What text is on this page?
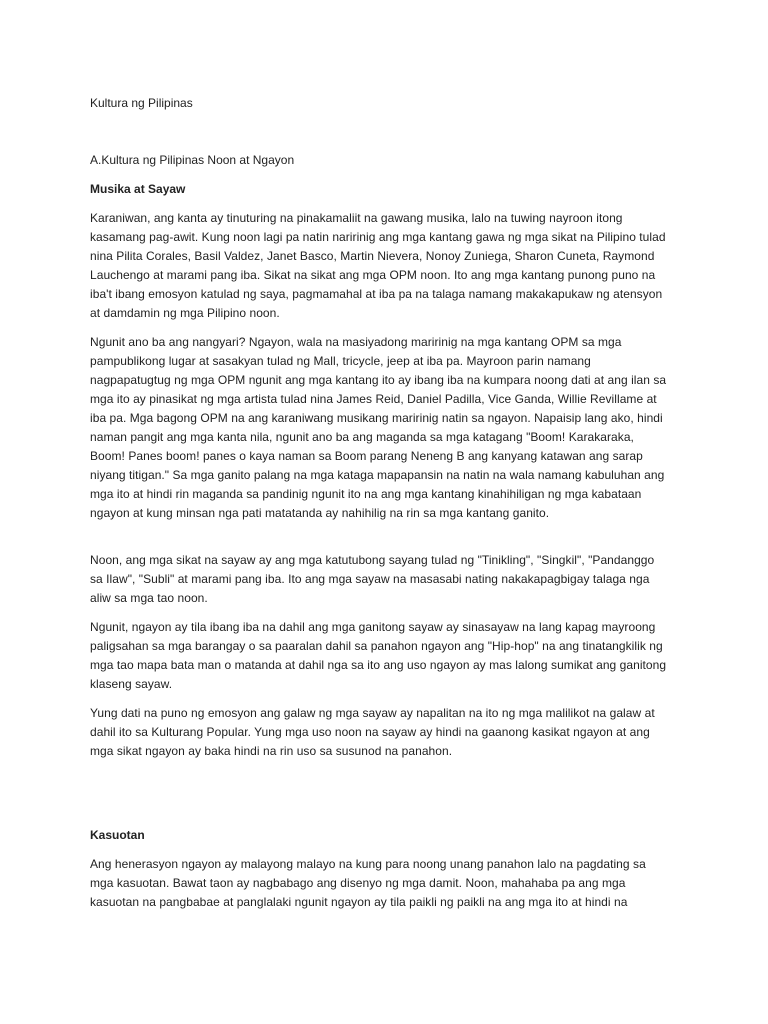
Kultura ng Pilipinas
A.Kultura ng Pilipinas Noon at Ngayon
Musika at Sayaw

Karaniwan, ang kanta ay tinuturing na pinakamaliit na gawang musika, lalo na tuwing nayroon itong kasamang pag-awit. Kung noon lagi pa natin naririnig ang mga kantang gawa ng mga sikat na Pilipino tulad nina Pilita Corales, Basil Valdez, Janet Basco, Martin Nievera, Nonoy Zuniega, Sharon Cuneta, Raymond Lauchengo at marami pang iba. Sikat na sikat ang mga OPM noon. Ito ang mga kantang punong puno na iba't ibang emosyon katulad ng saya, pagmamahal at iba pa na talaga namang makakapukaw ng atensyon at damdamin ng mga Pilipino noon.

Ngunit ano ba ang nangyari? Ngayon, wala na masiyadong maririnig na mga kantang OPM sa mga pampublikong lugar at sasakyan tulad ng Mall, tricycle, jeep at iba pa. Mayroon parin namang nagpapatugtug ng mga OPM ngunit ang mga kantang ito ay ibang iba na kumpara noong dati at ang ilan sa mga ito ay pinasikat ng mga artista tulad nina James Reid, Daniel Padilla, Vice Ganda, Willie Revillame at iba pa. Mga bagong OPM na ang karaniwang musikang maririnig natin sa ngayon. Napaisip lang ako, hindi naman pangit ang mga kanta nila, ngunit ano ba ang maganda sa mga katagang "Boom! Karakaraka, Boom! Panes boom! panes o kaya naman sa Boom parang Neneng B ang kanyang katawan ang sarap niyang titigan." Sa mga ganito palang na mga kataga mapapansin na natin na wala namang kabuluhan ang mga ito at hindi rin maganda sa pandinig ngunit ito na ang mga kantang kinahihiligan ng mga kabataan ngayon at kung minsan nga pati matatanda ay nahihilig na rin sa mga kantang ganito.

Noon, ang mga sikat na sayaw ay ang mga katutubong sayang tulad ng "Tinikling", "Singkil", "Pandanggo sa Ilaw", "Subli" at marami pang iba. Ito ang mga sayaw na masasabi nating nakakapagbigay talaga nga aliw sa mga tao noon.

Ngunit, ngayon ay tila ibang iba na dahil ang mga ganitong sayaw ay sinasayaw na lang kapag mayroong paligsahan sa mga barangay o sa paaralan dahil sa panahon ngayon ang "Hip-hop" na ang tinatangkilik ng mga tao mapa bata man o matanda at dahil nga sa ito ang uso ngayon ay mas lalong sumikat ang ganitong klaseng sayaw.

Yung dati na puno ng emosyon ang galaw ng mga sayaw ay napalitan na ito ng mga malilikot na galaw at dahil ito sa Kulturang Popular. Yung mga uso noon na sayaw ay hindi na gaanong kasikat ngayon at ang mga sikat ngayon ay baka hindi na rin uso sa susunod na panahon.

Kasuotan

Ang henerasyon ngayon ay malayong malayo na kung para noong unang panahon lalo na pagdating sa mga kasuotan. Bawat taon ay nagbabago ang disenyo ng mga damit. Noon, mahahaba pa ang mga kasuotan na pangbabae at panglalaki ngunit ngayon ay tila paikli ng paikli na ang mga ito at hindi na
